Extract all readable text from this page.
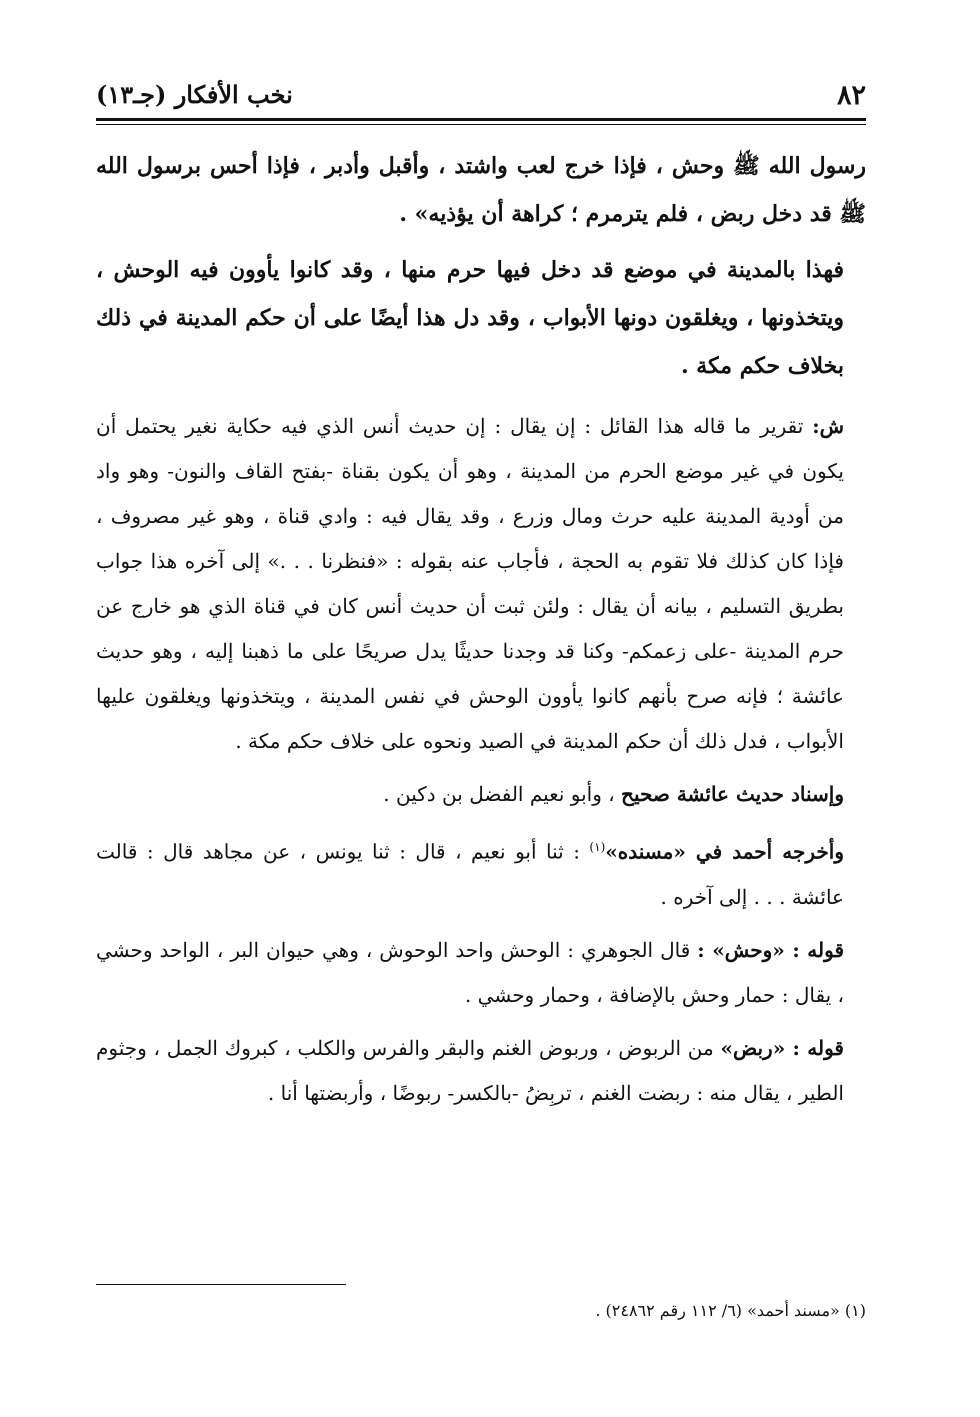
٨٢
نخب الأفكار (جـ١٣)

رسول الله ﷺ وحش ، فإذا خرج لعب واشتد ، وأقبل وأدبر ، فإذا أحس برسول الله ﷺ قد دخل ربض ، فلم يترمرم ؛ كراهة أن يؤذيه» .

فهذا بالمدينة في موضع قد دخل فيها حرم منها ، وقد كانوا يأوون فيه الوحش ، ويتخذونها ، ويغلقون دونها الأبواب ، وقد دل هذا أيضًا على أن حكم المدينة في ذلك بخلاف حكم مكة .

ش: تقرير ما قاله هذا القائل : إن يقال : إن حديث أنس الذي فيه حكاية نغير يحتمل أن يكون في غير موضع الحرم من المدينة ، وهو أن يكون بقناة -بفتح القاف والنون- وهو واد من أودية المدينة عليه حرث ومال وزرع ، وقد يقال فيه : وادي قناة ، وهو غير مصروف ، فإذا كان كذلك فلا تقوم به الحجة ، فأجاب عنه بقوله : «فنظرنا . . .» إلى آخره هذا جواب بطريق التسليم ، بيانه أن يقال : ولئن ثبت أن حديث أنس كان في قناة الذي هو خارج عن حرم المدينة -على زعمكم- وكنا قد وجدنا حديثًا يدل صريحًا على ما ذهبنا إليه ، وهو حديث عائشة ؛ فإنه صرح بأنهم كانوا يأوون الوحش في نفس المدينة ، ويتخذونها ويغلقون عليها الأبواب ، فدل ذلك أن حكم المدينة في الصيد ونحوه على خلاف حكم مكة .

وإسناد حديث عائشة صحيح ، وأبو نعيم الفضل بن دكين .

وأخرجه أحمد في «مسنده»$^{(١)}$ : ثنا أبو نعيم ، قال : ثنا يونس ، عن مجاهد قال : قالت عائشة . . . إلى آخره .

قوله : «وحش» : قال الجوهري : الوحش واحد الوحوش ، وهي حيوان البر ، الواحد وحشي ، يقال : حمار وحش بالإضافة ، وحمار وحشي .

قوله : «ربض» من الربوض ، وربوض الغنم والبقر والفرس والكلب ، كبروك الجمل ، وجثوم الطير ، يقال منه : ربضت الغنم ، تربِضُ -بالكسر- ربوضًا ، وأربضتها أنا .

(١) «مسند أحمد» (٦/ ١١٢ رقم ٢٤٨٦٢) .
